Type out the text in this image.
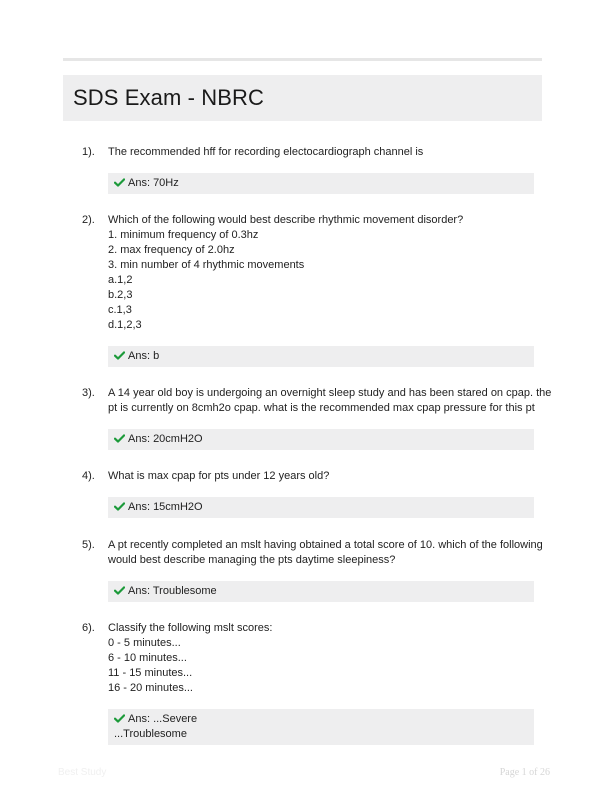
SDS Exam - NBRC
1). The recommended hff for recording electocardiograph channel is
Ans: 70Hz
2). Which of the following would best describe rhythmic movement disorder?
1. minimum frequency of 0.3hz
2. max frequency of 2.0hz
3. min number of 4 rhythmic movements
a.1,2
b.2,3
c.1,3
d.1,2,3
Ans: b
3). A 14 year old boy is undergoing an overnight sleep study and has been stared on cpap. the
pt is currently on 8cmh2o cpap. what is the recommended max cpap pressure for this pt
Ans: 20cmH2O
4). What is max cpap for pts under 12 years old?
Ans: 15cmH2O
5). A pt recently completed an mslt having obtained a total score of 10. which of the following
would best describe managing the pts daytime sleepiness?
Ans: Troublesome
6). Classify the following mslt scores:
0 - 5 minutes...
6 - 10 minutes...
11 - 15 minutes...
16 - 20 minutes...
Ans: ...Severe
...Troublesome
Best Study	Page 1 of 26
